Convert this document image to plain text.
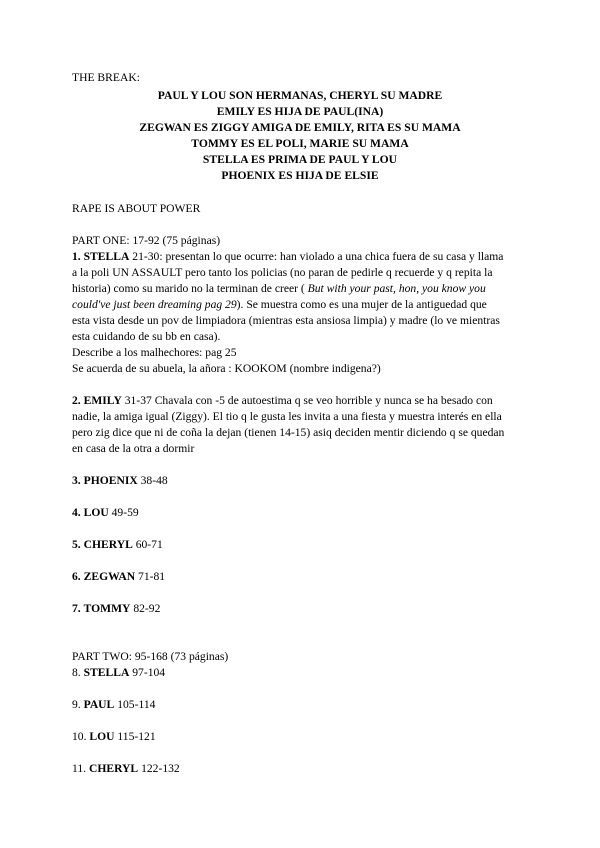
THE BREAK:
PAUL Y LOU SON HERMANAS, CHERYL SU MADRE
EMILY ES HIJA DE PAUL(INA)
ZEGWAN ES ZIGGY AMIGA DE EMILY, RITA ES SU MAMA
TOMMY ES EL POLI, MARIE SU MAMA
STELLA ES PRIMA DE PAUL Y LOU
PHOENIX ES HIJA DE ELSIE
RAPE IS ABOUT POWER
PART ONE: 17-92 (75 páginas)
1. STELLA 21-30: presentan lo que ocurre: han violado a una chica fuera de su casa y llama
a la poli UN ASSAULT pero tanto los policias (no paran de pedirle q recuerde y q repita la
historia) como su marido no la terminan de creer ( But with your past, hon, you know you
could've just been dreaming pag 29). Se muestra como es una mujer de la antiguedad que
esta vista desde un pov de limpiadora (mientras esta ansiosa limpia) y madre (lo ve mientras
esta cuidando de su bb en casa).
Describe a los malhechores: pag 25
Se acuerda de su abuela, la añora : KOOKOM (nombre indigena?)
2. EMILY 31-37 Chavala con -5 de autoestima q se veo horrible y nunca se ha besado con
nadie, la amiga igual (Ziggy). El tio q le gusta les invita a una fiesta y muestra interés en ella
pero zig dice que ni de coña la dejan (tienen 14-15) asiq deciden mentir diciendo q se quedan
en casa de la otra a dormir
3. PHOENIX 38-48
4. LOU 49-59
5. CHERYL 60-71
6. ZEGWAN 71-81
7. TOMMY 82-92
PART TWO: 95-168 (73 páginas)
8. STELLA 97-104
9. PAUL 105-114
10. LOU 115-121
11. CHERYL 122-132
